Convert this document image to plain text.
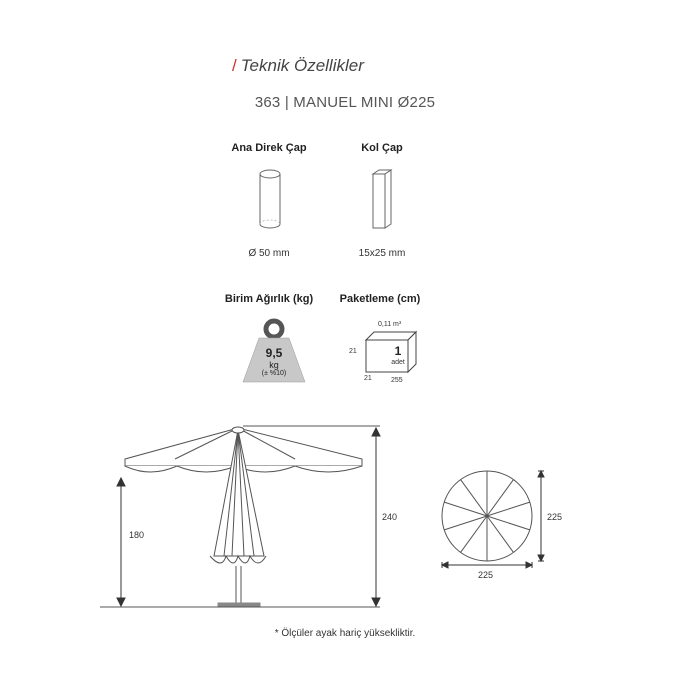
/ Teknik Özellikler
363 | MANUEL MINI Ø225
Ana Direk Çap
Ø 50 mm
Kol Çap
15x25 mm
Birim Ağırlık (kg)
9,5
kg
(± %10)
Paketleme (cm)
0,11 m³
1
adet
21
21	255
180
240
225
225
* Ölçüler ayak hariç yüksekliktir.
